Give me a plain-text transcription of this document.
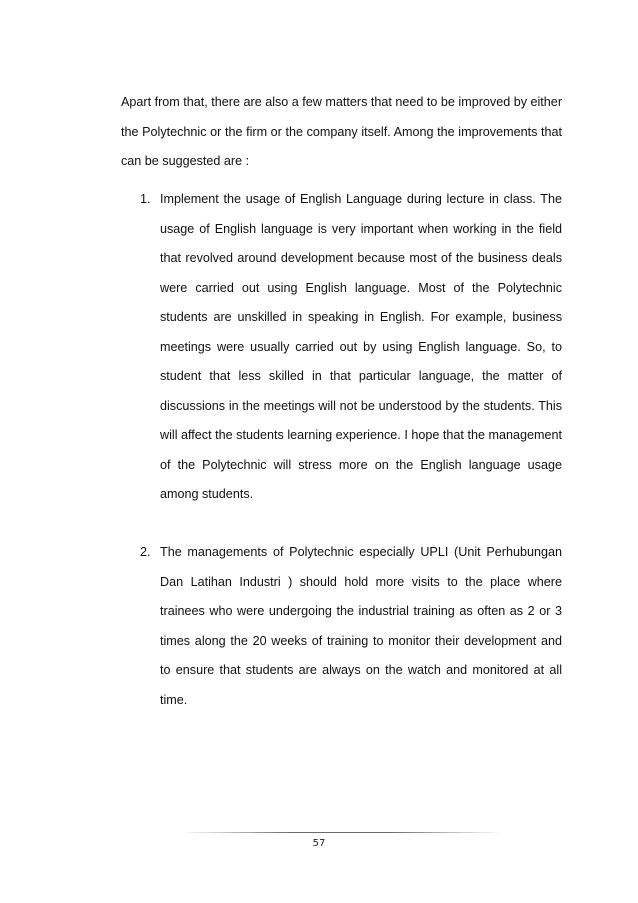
Apart from that, there are also a few matters that need to be improved by either the Polytechnic or the firm or the company itself. Among the improvements that can be suggested are :

1. Implement the usage of English Language during lecture in class. The usage of English language is very important when working in the field that revolved around development because most of the business deals were carried out using English language. Most of the Polytechnic students are unskilled in speaking in English. For example, business meetings were usually carried out by using English language. So, to student that less skilled in that particular language, the matter of discussions in the meetings will not be understood by the students. This will affect the students learning experience. I hope that the management of the Polytechnic will stress more on the English language usage among students.

2. The managements of Polytechnic especially UPLI (Unit Perhubungan Dan Latihan Industri ) should hold more visits to the place where trainees who were undergoing the industrial training as often as 2 or 3 times along the 20 weeks of training to monitor their development and to ensure that students are always on the watch and monitored at all time.

57
